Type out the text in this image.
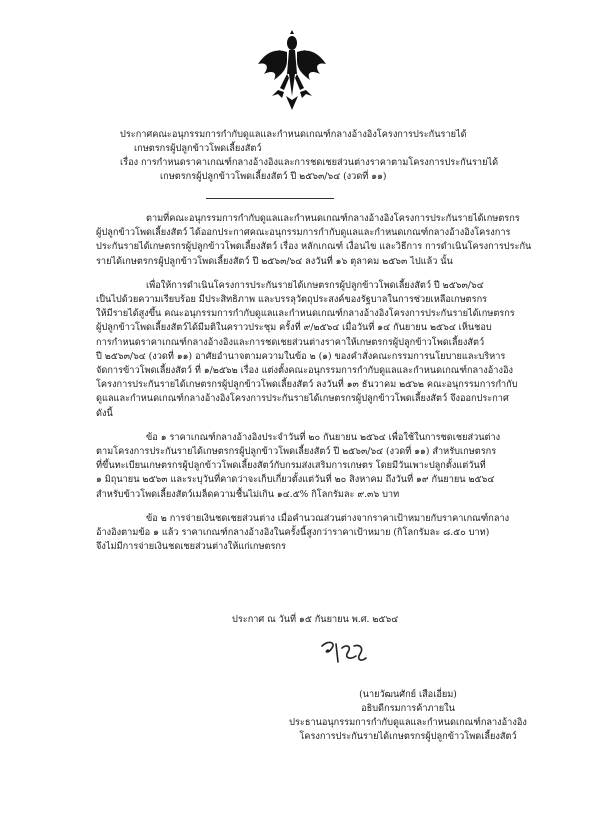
ประกาศคณะอนุกรรมการกำกับดูแลและกำหนดเกณฑ์กลางอ้างอิงโครงการประกันรายได้

เกษตรกรผู้ปลูกข้าวโพดเลี้ยงสัตว์

เรื่อง การกำหนดราคาเกณฑ์กลางอ้างอิงและการชดเชยส่วนต่างราคาตามโครงการประกันรายได้

เกษตรกรผู้ปลูกข้าวโพดเลี้ยงสัตว์ ปี ๒๕๖๓/๖๔ (งวดที่ ๑๑)

ตามที่คณะอนุกรรมการกำกับดูแลและกำหนดเกณฑ์กลางอ้างอิงโครงการประกันรายได้เกษตรกร
ผู้ปลูกข้าวโพดเลี้ยงสัตว์ ได้ออกประกาศคณะอนุกรรมการกำกับดูแลและกำหนดเกณฑ์กลางอ้างอิงโครงการ
ประกันรายได้เกษตรกรผู้ปลูกข้าวโพดเลี้ยงสัตว์ เรื่อง หลักเกณฑ์ เงื่อนไข และวิธีการ การดำเนินโครงการประกัน
รายได้เกษตรกรผู้ปลูกข้าวโพดเลี้ยงสัตว์ ปี ๒๕๖๓/๖๔ ลงวันที่ ๑๖ ตุลาคม ๒๕๖๓ ไปแล้ว นั้น
เพื่อให้การดำเนินโครงการประกันรายได้เกษตรกรผู้ปลูกข้าวโพดเลี้ยงสัตว์ ปี ๒๕๖๓/๖๔
เป็นไปด้วยความเรียบร้อย มีประสิทธิภาพ และบรรลุวัตถุประสงค์ของรัฐบาลในการช่วยเหลือเกษตรกร
ให้มีรายได้สูงขึ้น คณะอนุกรรมการกำกับดูแลและกำหนดเกณฑ์กลางอ้างอิงโครงการประกันรายได้เกษตรกร
ผู้ปลูกข้าวโพดเลี้ยงสัตว์ได้มีมติในคราวประชุม ครั้งที่ ๙/๒๕๖๔ เมื่อวันที่ ๑๔ กันยายน ๒๕๖๔ เห็นชอบ
การกำหนดราคาเกณฑ์กลางอ้างอิงและการชดเชยส่วนต่างราคาให้เกษตรกรผู้ปลูกข้าวโพดเลี้ยงสัตว์
ปี ๒๕๖๓/๖๔ (งวดที่ ๑๑) อาศัยอำนาจตามความในข้อ ๒ (๑) ของคำสั่งคณะกรรมการนโยบายและบริหาร
จัดการข้าวโพดเลี้ยงสัตว์ ที่ ๑/๒๕๖๒ เรื่อง แต่งตั้งคณะอนุกรรมการกำกับดูแลและกำหนดเกณฑ์กลางอ้างอิง
โครงการประกันรายได้เกษตรกรผู้ปลูกข้าวโพดเลี้ยงสัตว์ ลงวันที่ ๑๓ ธันวาคม ๒๕๖๒ คณะอนุกรรมการกำกับ
ดูแลและกำหนดเกณฑ์กลางอ้างอิงโครงการประกันรายได้เกษตรกรผู้ปลูกข้าวโพดเลี้ยงสัตว์ จึงออกประกาศ
ดังนี้
ข้อ ๑ ราคาเกณฑ์กลางอ้างอิงประจำวันที่ ๒๐ กันยายน ๒๕๖๔ เพื่อใช้ในการชดเชยส่วนต่าง
ตามโครงการประกันรายได้เกษตรกรผู้ปลูกข้าวโพดเลี้ยงสัตว์ ปี ๒๕๖๓/๖๔ (งวดที่ ๑๑) สำหรับเกษตรกร
ที่ขึ้นทะเบียนเกษตรกรผู้ปลูกข้าวโพดเลี้ยงสัตว์กับกรมส่งเสริมการเกษตร โดยมีวันเพาะปลูกตั้งแต่วันที่
๑ มิถุนายน ๒๕๖๓ และระบุวันที่คาดว่าจะเก็บเกี่ยวตั้งแต่วันที่ ๒๐ สิงหาคม ถึงวันที่ ๑๙ กันยายน ๒๕๖๔
สำหรับข้าวโพดเลี้ยงสัตว์เมล็ดความชื้นไม่เกิน ๑๔.๕% กิโลกรัมละ ๙.๓๖ บาท
ข้อ ๒ การจ่ายเงินชดเชยส่วนต่าง เมื่อคำนวณส่วนต่างจากราคาเป้าหมายกับราคาเกณฑ์กลาง
อ้างอิงตามข้อ ๑ แล้ว ราคาเกณฑ์กลางอ้างอิงในครั้งนี้สูงกว่าราคาเป้าหมาย (กิโลกรัมละ ๘.๕๐ บาท)
จึงไม่มีการจ่ายเงินชดเชยส่วนต่างให้แก่เกษตรกร
ประกาศ ณ วันที่ ๑๕ กันยายน พ.ศ. ๒๕๖๔
(นายวัฒนศักย์ เสือเอี่ยม)
อธิบดีกรมการค้าภายใน
ประธานอนุกรรมการกำกับดูแลและกำหนดเกณฑ์กลางอ้างอิง
โครงการประกันรายได้เกษตรกรผู้ปลูกข้าวโพดเลี้ยงสัตว์
